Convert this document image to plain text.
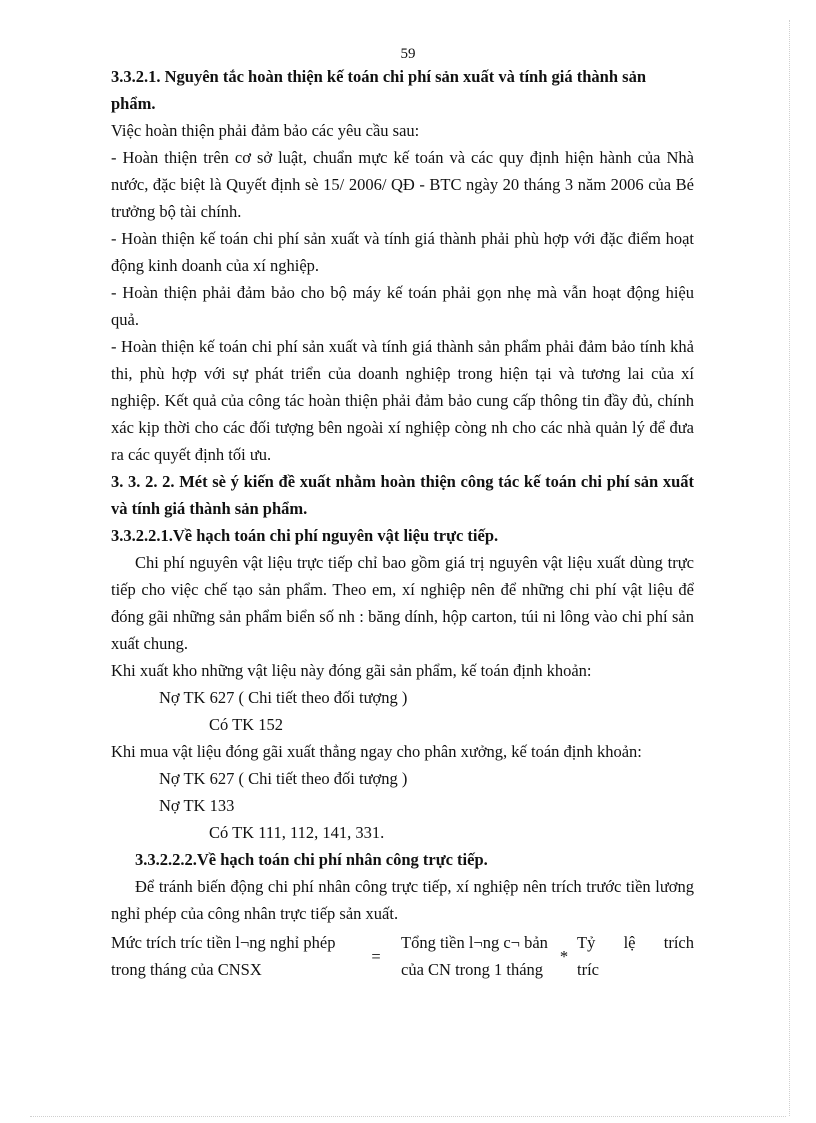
59

3.3.2.1. Nguyên tắc hoàn thiện kế toán chi phí sản xuất và tính giá thành sản phẩm.

Việc hoàn thiện phải đảm bảo các yêu cầu sau:

- Hoàn thiện trên cơ sở luật, chuẩn mực kế toán và các quy định hiện hành của Nhà nước, đặc biệt là Quyết định sè 15/ 2006/ QĐ - BTC ngày 20 tháng 3 năm 2006 của Bé trưởng bộ tài chính.

- Hoàn thiện kế toán chi phí sản xuất và tính giá thành phải phù hợp với đặc điểm hoạt động kinh doanh của xí nghiệp.

- Hoàn thiện phải đảm bảo cho bộ máy kế toán phải gọn nhẹ mà vẫn hoạt động hiệu quả.

- Hoàn thiện kế toán chi phí sản xuất và tính giá thành sản phẩm phải đảm bảo tính khả thi, phù hợp với sự phát triển của doanh nghiệp trong hiện tại và tương lai của xí nghiệp. Kết quả của công tác hoàn thiện phải đảm bảo cung cấp thông tin đầy đủ, chính xác kịp thời cho các đối tượng bên ngoài xí nghiệp còng nh cho các nhà quản lý để đưa ra các quyết định tối ưu.

3. 3. 2. 2. Mét sè ý kiến đề xuất nhằm hoàn thiện công tác kế toán chi phí sản xuất và tính giá thành sản phẩm.

3.3.2.2.1.Về hạch toán chi phí nguyên vật liệu trực tiếp.

Chi phí nguyên vật liệu trực tiếp chỉ bao gồm giá trị nguyên vật liệu xuất dùng trực tiếp cho việc chế tạo sản phẩm. Theo em, xí nghiệp nên để những chi phí vật liệu để đóng gãi những sản phẩm biển số nh : băng dính, hộp carton, túi ni lông vào chi phí sản xuất chung.

Khi xuất kho những vật liệu này đóng gãi sản phẩm, kế toán định khoản:

Nợ TK 627 ( Chi tiết theo đối tượng )

Có TK 152

Khi mua vật liệu đóng gãi xuất thẳng ngay cho phân xưởng, kế toán định khoản:

Nợ TK 627 ( Chi tiết theo đối tượng )

Nợ TK 133

Có TK 111, 112, 141, 331.

3.3.2.2.2.Về hạch toán chi phí nhân công trực tiếp.

Để tránh biến động chi phí nhân công trực tiếp, xí nghiệp nên trích trước tiền lương nghỉ phép của công nhân trực tiếp sản xuất.

Mức trích tríc tiền l¬ng nghỉ phép trong tháng của CNSX
=
Tổng tiền l¬ng c¬ bản của CN trong 1 tháng
*
Tỷ lệ trích
tríc
